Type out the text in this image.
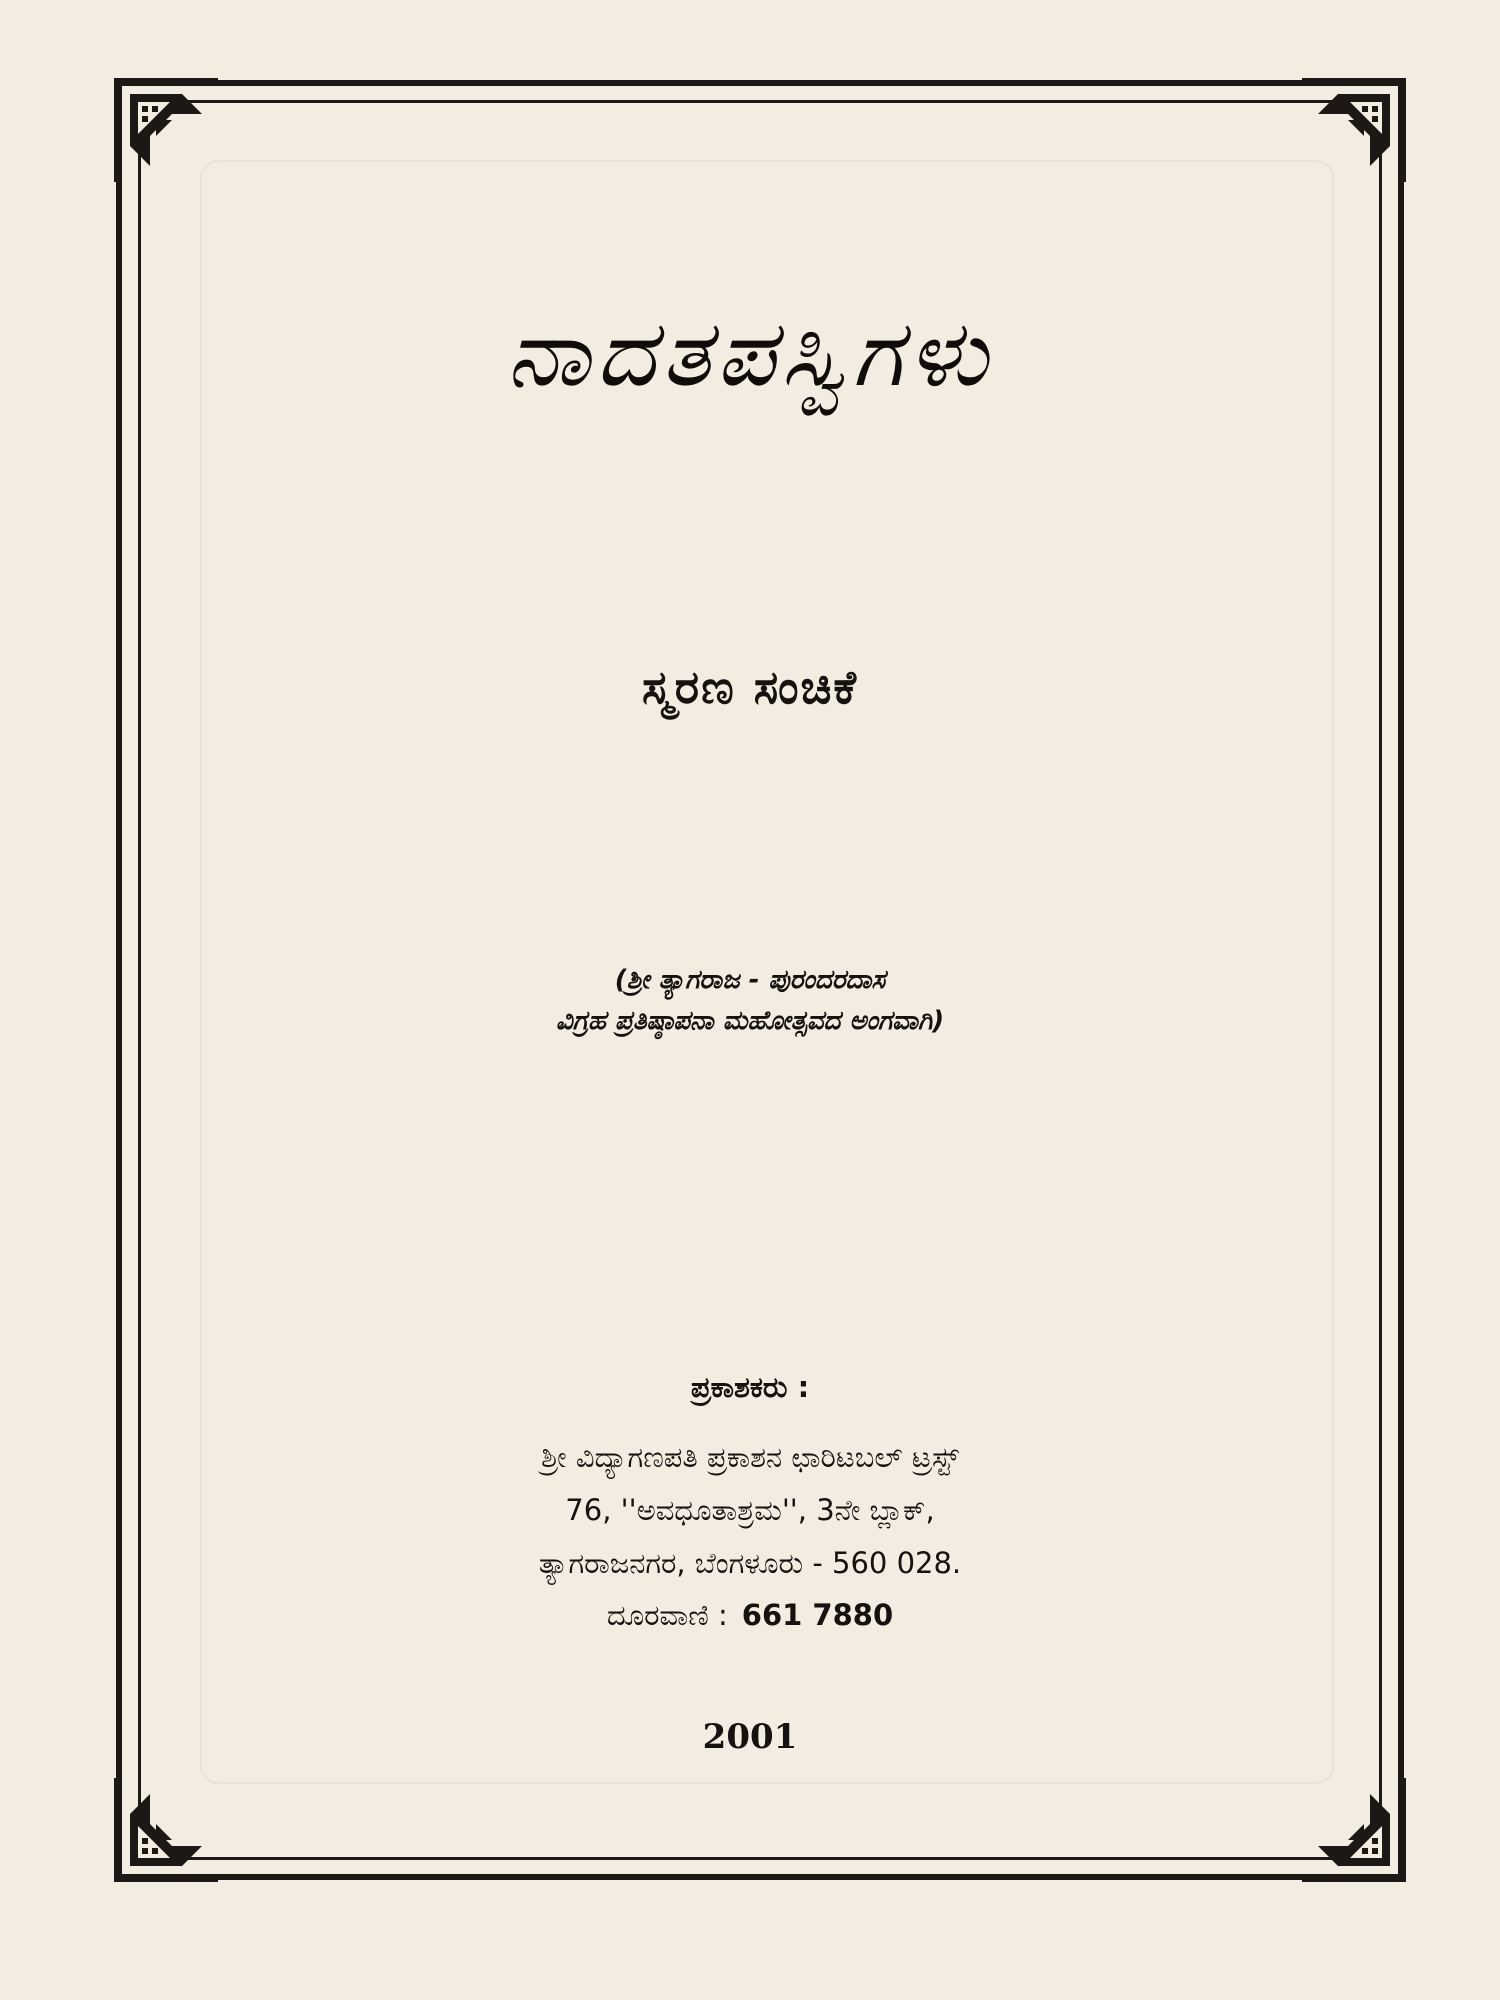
ನಾದತಪಸ್ವಿಗಳು
ಸ್ಮರಣ ಸಂಚಿಕೆ
(ಶ್ರೀ ತ್ಯಾಗರಾಜ - ಪುರಂದರದಾಸ
ವಿಗ್ರಹ ಪ್ರತಿಷ್ಠಾಪನಾ ಮಹೋತ್ಸವದ ಅಂಗವಾಗಿ)
ಪ್ರಕಾಶಕರು :
ಶ್ರೀ ವಿದ್ಯಾಗಣಪತಿ ಪ್ರಕಾಶನ ಛಾರಿಟಬಲ್ ಟ್ರಸ್ಟ್
76, ''ಅವಧೂತಾಶ್ರಮ'', 3ನೇ ಬ್ಲಾಕ್,
ತ್ಯಾಗರಾಜನಗರ, ಬೆಂಗಳೂರು - 560 028.
ದೂರವಾಣಿ : 661 7880
2001
